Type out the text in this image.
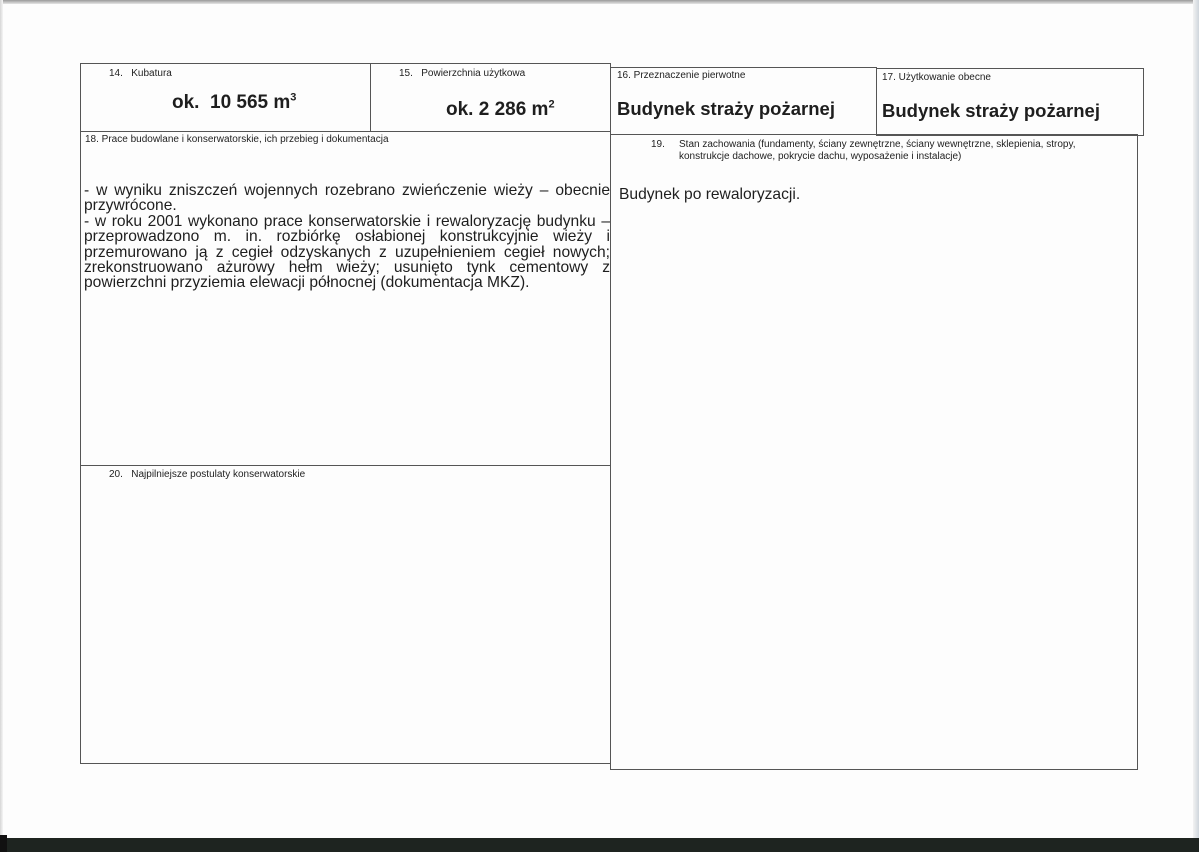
14. Kubatura
ok.  10 565 $m^3$
15. Powierzchnia użytkowa
ok. 2 286 $m^2$
16. Przeznaczenie pierwotne
Budynek straży pożarnej
17. Użytkowanie obecne
Budynek straży pożarnej
18. Prace budowlane i konserwatorskie, ich przebieg i dokumentacja

- w wyniku zniszczeń wojennych rozebrano zwieńczenie wieży – obecnie przywrócone.

- w roku 2001 wykonano prace konserwatorskie i rewaloryzację budynku – przeprowadzono m. in. rozbiórkę osłabionej konstrukcyjnie wieży i przemurowano ją z cegieł odzyskanych z uzupełnieniem cegieł nowych; zrekonstruowano ażurowy hełm wieży; usunięto tynk cementowy z powierzchni przyziemia elewacji północnej (dokumentacja MKZ).

20. Najpilniejsze postulaty konserwatorskie
19. Stan zachowania (fundamenty, ściany zewnętrzne, ściany wewnętrzne, sklepienia, stropy,
konstrukcje dachowe, pokrycie dachu, wyposażenie i instalacje)
Budynek po rewaloryzacji.
